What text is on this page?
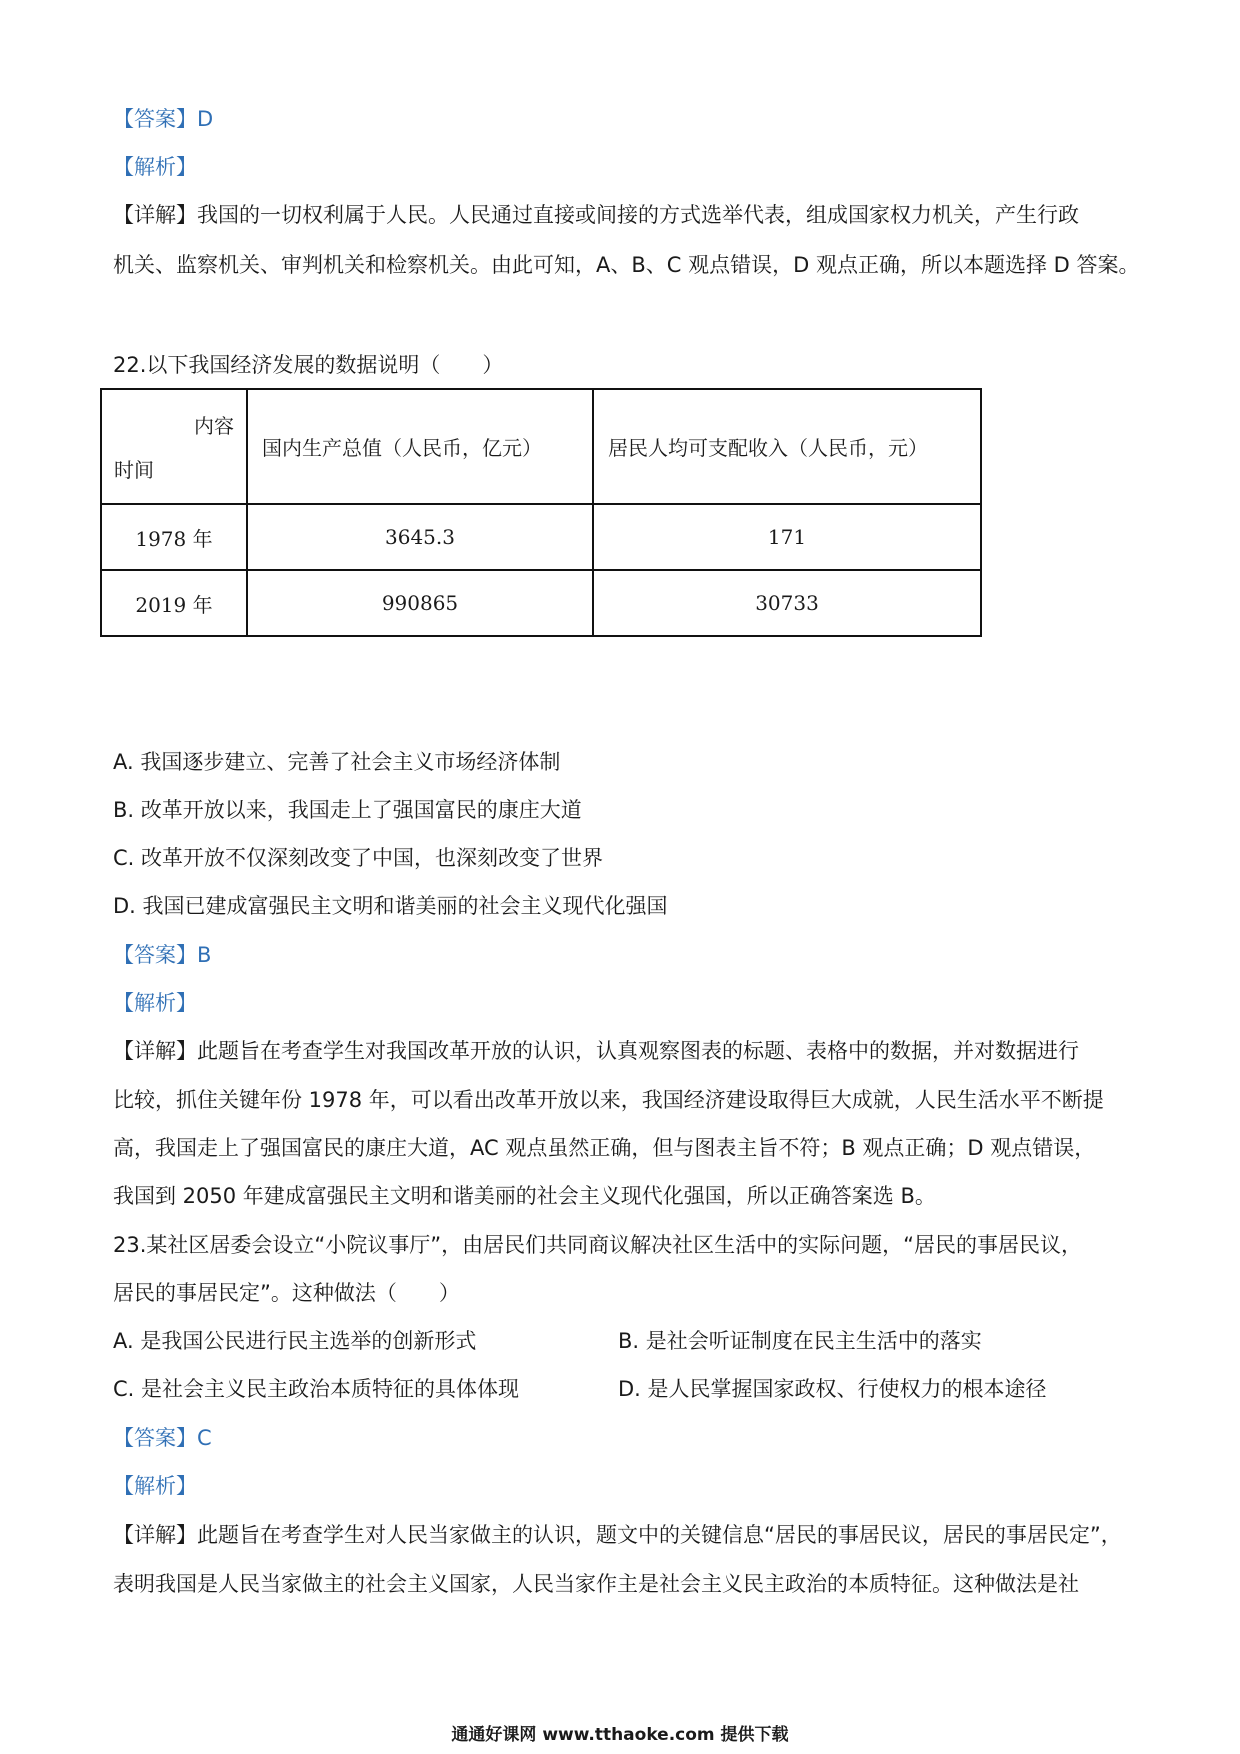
【答案】D
【解析】
【详解】我国的一切权利属于人民。人民通过直接或间接的方式选举代表，组成国家权力机关，产生行政
机关、监察机关、审判机关和检察机关。由此可知，A、B、C 观点错误，D 观点正确，所以本题选择 D 答案。
22.以下我国经济发展的数据说明（　　）
内容
时间	国内生产总值（人民币，亿元）	居民人均可支配收入（人民币，元）
1978 年	3645.3	171
2019 年	990865	30733
A. 我国逐步建立、完善了社会主义市场经济体制
B. 改革开放以来，我国走上了强国富民的康庄大道
C. 改革开放不仅深刻改变了中国，也深刻改变了世界
D. 我国已建成富强民主文明和谐美丽的社会主义现代化强国
【答案】B
【解析】
【详解】此题旨在考查学生对我国改革开放的认识，认真观察图表的标题、表格中的数据，并对数据进行
比较，抓住关键年份 1978 年，可以看出改革开放以来，我国经济建设取得巨大成就，人民生活水平不断提
高，我国走上了强国富民的康庄大道，AC 观点虽然正确，但与图表主旨不符；B 观点正确；D 观点错误，
我国到 2050 年建成富强民主文明和谐美丽的社会主义现代化强国，所以正确答案选 B。
23.某社区居委会设立“小院议事厅”，由居民们共同商议解决社区生活中的实际问题，“居民的事居民议，
居民的事居民定”。这种做法（　　）
A. 是我国公民进行民主选举的创新形式	B. 是社会听证制度在民主生活中的落实
C. 是社会主义民主政治本质特征的具体体现	D. 是人民掌握国家政权、行使权力的根本途径
【答案】C
【解析】
【详解】此题旨在考查学生对人民当家做主的认识，题文中的关键信息“居民的事居民议，居民的事居民定”，
表明我国是人民当家做主的社会主义国家，人民当家作主是社会主义民主政治的本质特征。这种做法是社
通通好课网 www.tthaoke.com 提供下载
